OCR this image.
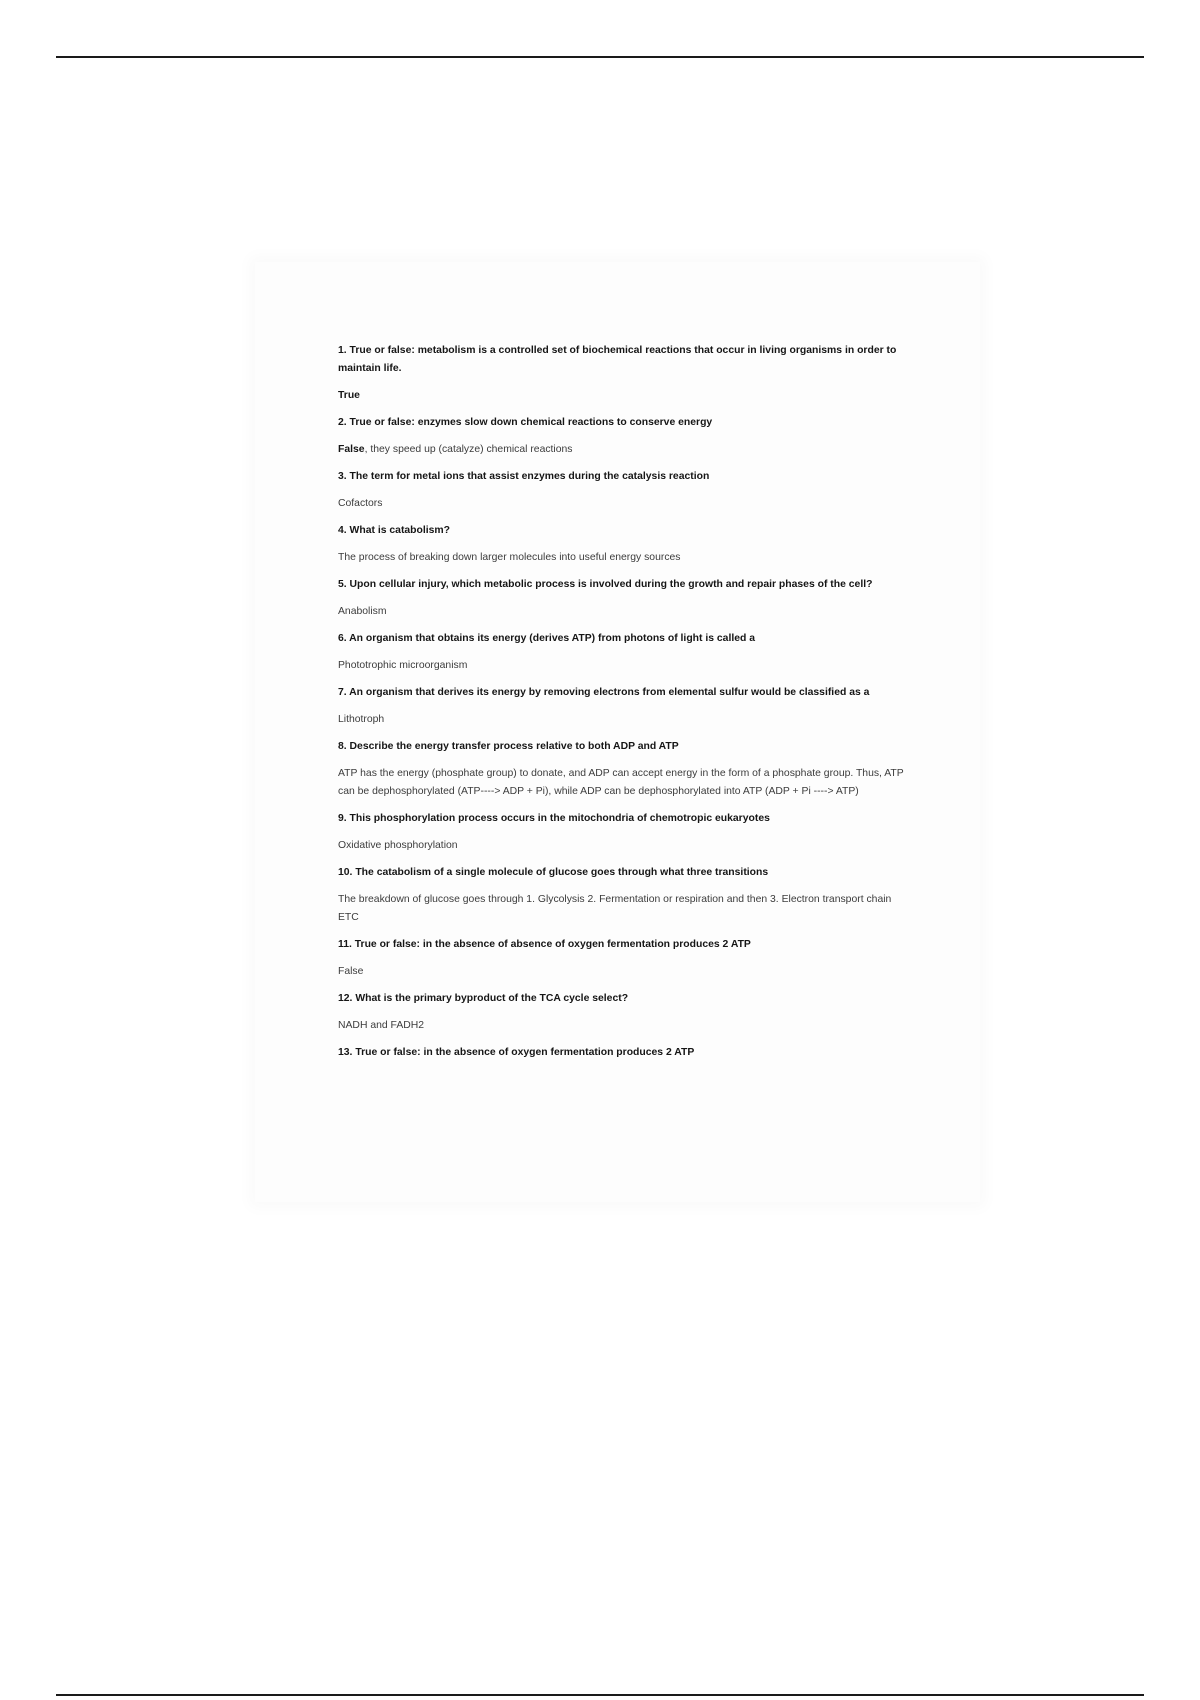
1. True or false: metabolism is a controlled set of biochemical reactions that occur in living organisms in order to maintain life.

True

2. True or false: enzymes slow down chemical reactions to conserve energy

False, they speed up (catalyze) chemical reactions

3. The term for metal ions that assist enzymes during the catalysis reaction

Cofactors

4. What is catabolism?

The process of breaking down larger molecules into useful energy sources

5. Upon cellular injury, which metabolic process is involved during the growth and repair phases of the cell?

Anabolism

6. An organism that obtains its energy (derives ATP) from photons of light is called a

Phototrophic microorganism

7. An organism that derives its energy by removing electrons from elemental sulfur would be classified as a

Lithotroph

8. Describe the energy transfer process relative to both ADP and ATP

ATP has the energy (phosphate group) to donate, and ADP can accept energy in the form of a phosphate group. Thus, ATP can be dephosphorylated (ATP----> ADP + Pi), while ADP can be dephosphorylated into ATP (ADP + Pi ----> ATP)

9. This phosphorylation process occurs in the mitochondria of chemotropic eukaryotes

Oxidative phosphorylation

10. The catabolism of a single molecule of glucose goes through what three transitions

The breakdown of glucose goes through 1. Glycolysis 2. Fermentation or respiration and then 3. Electron transport chain ETC

11. True or false: in the absence of absence of oxygen fermentation produces 2 ATP

False

12. What is the primary byproduct of the TCA cycle select?

NADH and FADH2

13. True or false: in the absence of oxygen fermentation produces 2 ATP
